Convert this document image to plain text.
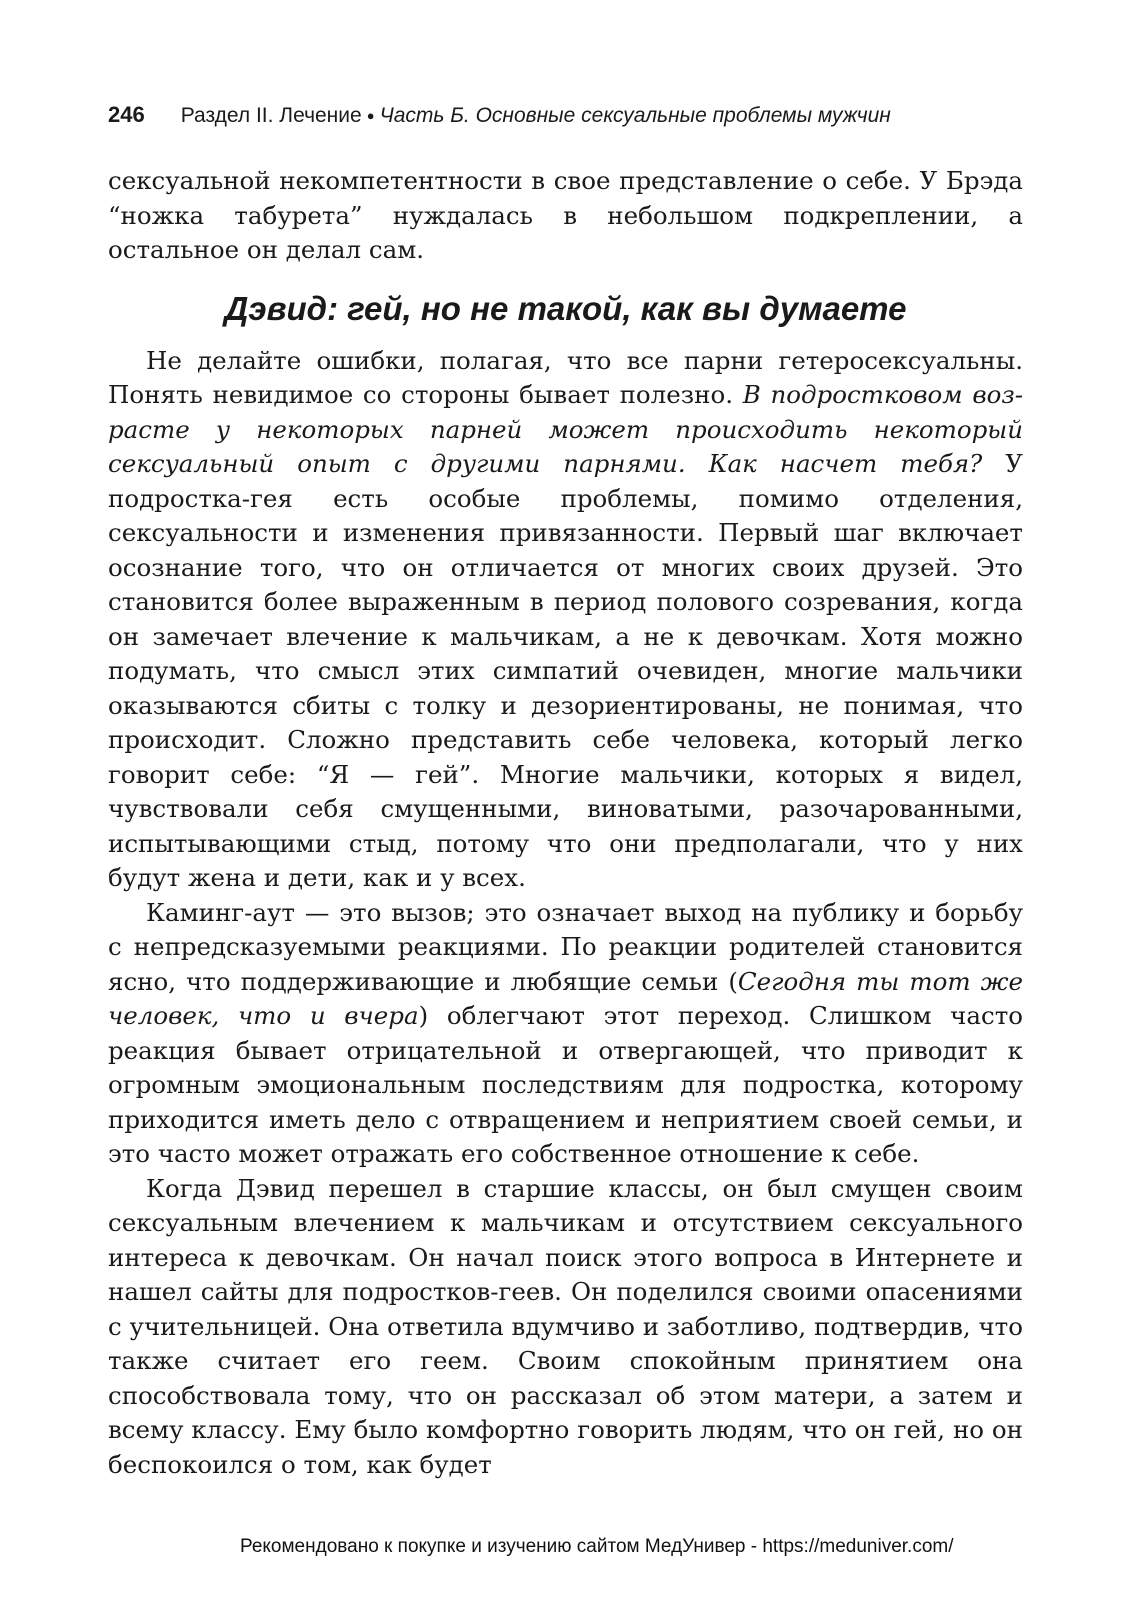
246 Раздел II. Лечение ● Часть Б. Основные сексуальные проблемы мужчин

сексуальной некомпетентности в свое представление о себе. У Брэда “ножка табурета” нуждалась в небольшом подкреплении, а остальное он делал сам.

Дэвид: гей, но не такой, как вы думаете

Не делайте ошибки, полагая, что все парни гетеросексуальны. Понять невидимое со стороны бывает полезно. В подростковом возрасте у некоторых парней может происходить некоторый сексуальный опыт с другими парнями. Как насчет тебя? У подростка-гея есть особые проблемы, помимо отделения, сексуальности и изменения привязанности. Первый шаг включает осознание того, что он отличается от многих своих друзей. Это становится более выраженным в период полового созревания, когда он замечает влечение к мальчикам, а не к девочкам. Хотя можно подумать, что смысл этих симпатий очевиден, многие мальчики оказываются сбиты с толку и дезориентированы, не понимая, что происходит. Сложно представить себе человека, который легко говорит себе: “Я — гей”. Многие мальчики, которых я видел, чувствовали себя смущенными, виноватыми, разочарованными, испытывающими стыд, потому что они предполагали, что у них будут жена и дети, как и у всех.

Каминг-аут — это вызов; это означает выход на публику и борьбу с непредсказуемыми реакциями. По реакции родителей становится ясно, что поддерживающие и любящие семьи (Сегодня ты тот же человек, что и вчера) облегчают этот переход. Слишком часто реакция бывает отрицательной и отвергающей, что приводит к огромным эмоциональным последствиям для подростка, которому приходится иметь дело с отвращением и неприятием своей семьи, и это часто может отражать его собственное отношение к себе.

Когда Дэвид перешел в старшие классы, он был смущен своим сексуальным влечением к мальчикам и отсутствием сексуального интереса к девочкам. Он начал поиск этого вопроса в Интернете и нашел сайты для подростков-геев. Он поделился своими опасениями с учительницей. Она ответила вдумчиво и заботливо, подтвердив, что также считает его геем. Своим спокойным принятием она способствовала тому, что он рассказал об этом матери, а затем и всему классу. Ему было комфортно говорить людям, что он гей, но он беспокоился о том, как будет

Рекомендовано к покупке и изучению сайтом МедУнивер - https://meduniver.com/
